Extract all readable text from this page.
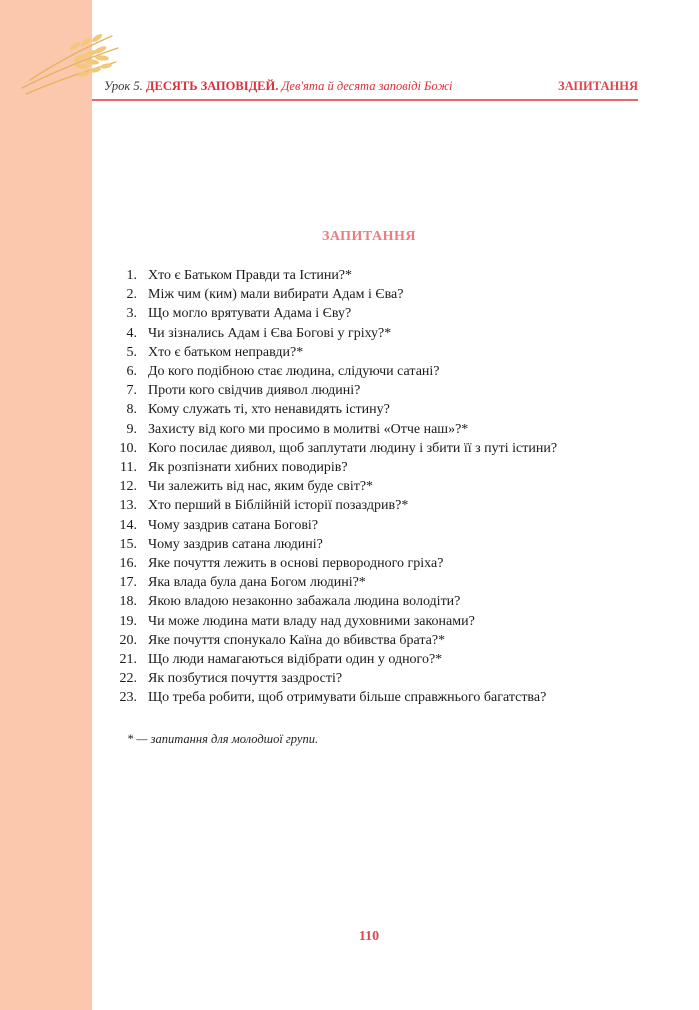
Урок 5. ДЕСЯТЬ ЗАПОВІДЕЙ. Дев'ята й десята заповіді Божі	ЗАПИТАННЯ
ЗАПИТАННЯ
1. Хто є Батьком Правди та Істини?*
2. Між чим (ким) мали вибирати Адам і Єва?
3. Що могло врятувати Адама і Єву?
4. Чи зізнались Адам і Єва Богові у гріху?*
5. Хто є батьком неправди?*
6. До кого подібною стає людина, слідуючи сатані?
7. Проти кого свідчив диявол людині?
8. Кому служать ті, хто ненавидять істину?
9. Захисту від кого ми просимо в молитві «Отче наш»?*
10. Кого посилає диявол, щоб заплутати людину і збити її з путі істини?
11. Як розпізнати хибних поводирів?
12. Чи залежить від нас, яким буде світ?*
13. Хто перший в Біблійній історії позаздрив?*
14. Чому заздрив сатана Богові?
15. Чому заздрив сатана людині?
16. Яке почуття лежить в основі первородного гріха?
17. Яка влада була дана Богом людині?*
18. Якою владою незаконно забажала людина володіти?
19. Чи може людина мати владу над духовними законами?
20. Яке почуття спонукало Каїна до вбивства брата?*
21. Що люди намагаються відібрати один у одного?*
22. Як позбутися почуття заздрості?
23. Що треба робити, щоб отримувати більше справжнього багатства?
* — запитання для молодшої групи.
110
